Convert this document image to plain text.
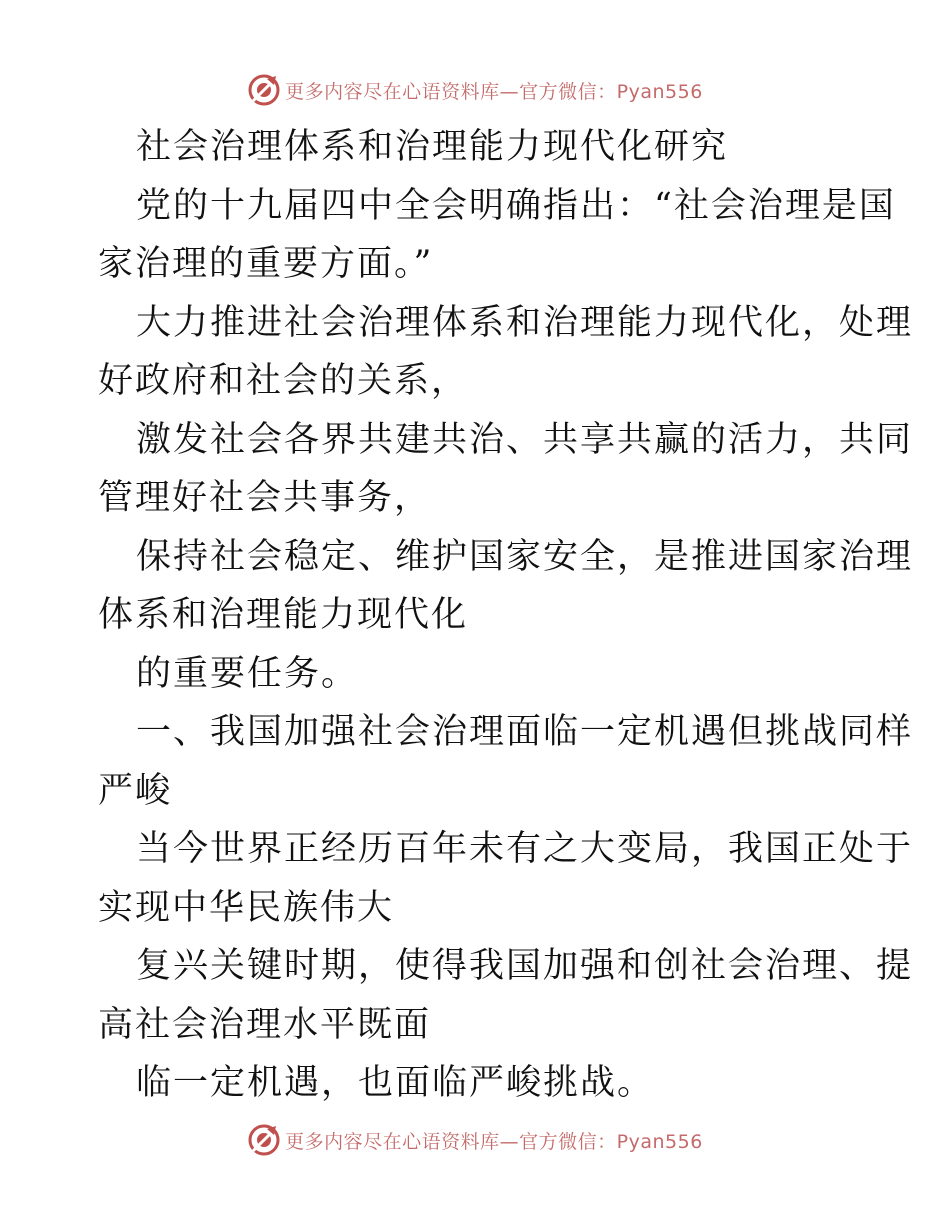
更多内容尽在心语资料库—官方微信：Pyan556
社会治理体系和治理能力现代化研究
党的十九届四中全会明确指出：“社会治理是国
家治理的重要方面。”
大力推进社会治理体系和治理能力现代化，处理
好政府和社会的关系，
激发社会各界共建共治、共享共赢的活力，共同
管理好社会共事务，
保持社会稳定、维护国家安全，是推进国家治理
体系和治理能力现代化
的重要任务。
一、我国加强社会治理面临一定机遇但挑战同样
严峻
当今世界正经历百年未有之大变局，我国正处于
实现中华民族伟大
复兴关键时期，使得我国加强和创社会治理、提
高社会治理水平既面
临一定机遇，也面临严峻挑战。
更多内容尽在心语资料库—官方微信：Pyan556
